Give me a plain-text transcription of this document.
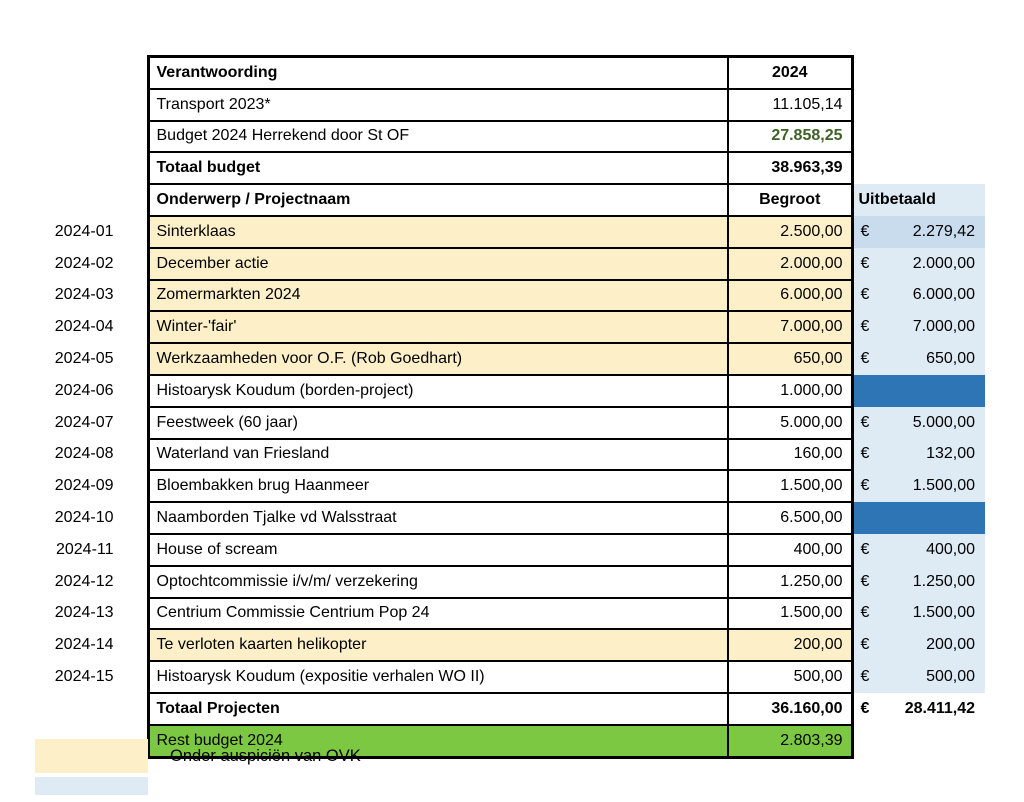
	Verantwoording	2024	
	Transport 2023*	11.105,14	
	Budget 2024 Herrekend door St OF	27.858,25	
	Totaal budget	38.963,39	
	Onderwerp / Projectnaam	Begroot	Uitbetaald
2024-01	Sinterklaas	2.500,00	€ 2.279,42

2024-02	December actie	2.000,00	€ 2.000,00

2024-03	Zomermarkten 2024	6.000,00	€ 6.000,00

2024-04	Winter-'fair'	7.000,00	€ 7.000,00

2024-05	Werkzaamheden voor O.F. (Rob Goedhart)	650,00	€ 650,00

2024-06	Histoarysk Koudum (borden-project)	1.000,00	
2024-07	Feestweek (60 jaar)	5.000,00	€ 5.000,00

2024-08	Waterland van Friesland	160,00	€ 132,00

2024-09	Bloembakken brug Haanmeer	1.500,00	€ 1.500,00

2024-10	Naamborden Tjalke vd Walsstraat	6.500,00	
2024-11	House of scream	400,00	€ 400,00

2024-12	Optochtcommissie i/v/m/ verzekering	1.250,00	€ 1.250,00

2024-13	Centrium Commissie Centrium Pop 24	1.500,00	€ 1.500,00

2024-14	Te verloten kaarten helikopter	200,00	€ 200,00

2024-15	Histoarysk Koudum (expositie verhalen WO II)	500,00	€ 500,00

	Totaal Projecten	36.160,00	€ 28.411,42

	Rest budget 2024	2.803,39	
Onder auspiciën van OVK
